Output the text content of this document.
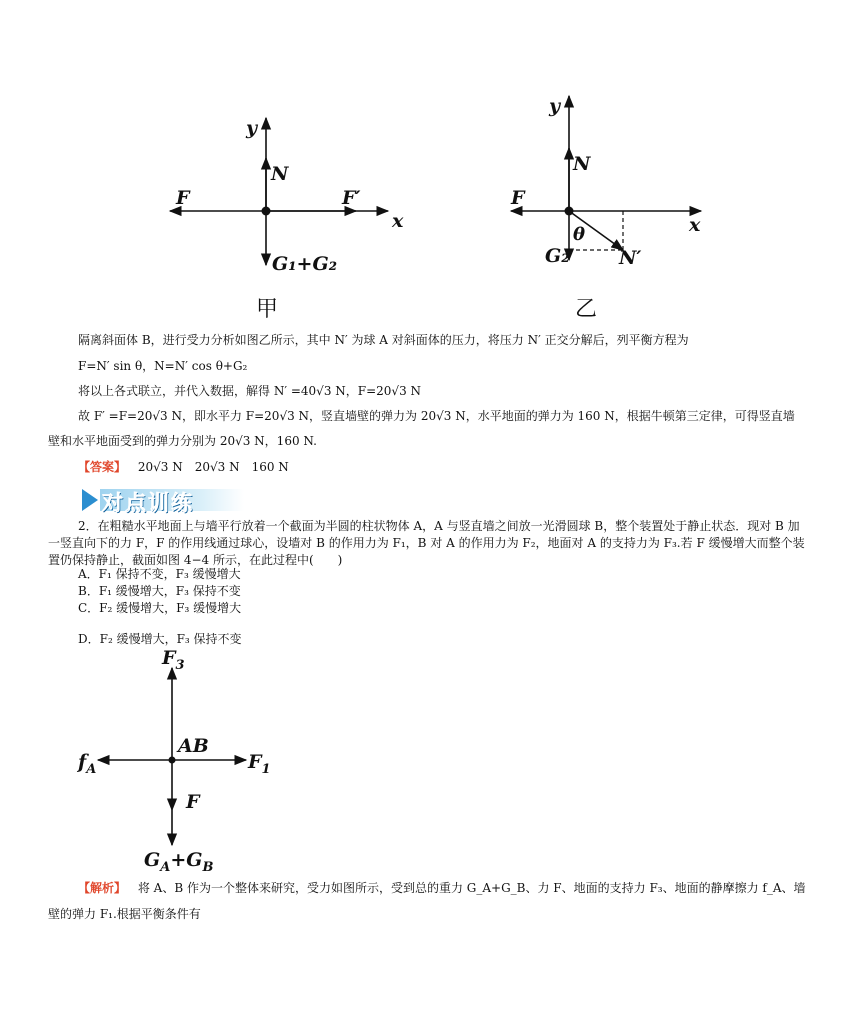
y
x
N
F	F′
G₁+G₂
甲
y
x
N
F
θ
G₂	N′
乙
隔离斜面体 B，进行受力分析如图乙所示，其中 N′ 为球 A 对斜面体的压力，将压力 N′ 正交分解后，列平衡方程为
F=N′ sin θ，N=N′ cos θ+G₂
将以上各式联立，并代入数据，解得 N′ =40√3 N，F=20√3 N
故 F′ =F=20√3 N，即水平力 F=20√3 N，竖直墙壁的弹力为 20√3 N，水平地面的弹力为 160 N，根据牛顿第三定律，可得竖直墙
壁和水平地面受到的弹力分别为 20√3 N，160 N.
【答案】 20√3 N　20√3 N　160 N
对点训练
2．在粗糙水平地面上与墙平行放着一个截面为半圆的柱状物体 A，A 与竖直墙之间放一光滑圆球 B，整个装置处于静止状态．现对 B 加一竖直向下的力 F，F 的作用线通过球心，设墙对 B 的作用力为 F₁，B 对 A 的作用力为 F₂，地面对 A 的支持力为 F₃.若 F 缓慢增大而整个装置仍保持静止，截面如图 4−4 所示，在此过程中(　　)
A．F₁ 保持不变，F₃ 缓慢增大
B．F₁ 缓慢增大，F₃ 保持不变
C．F₂ 缓慢增大，F₃ 缓慢增大
D．F₂ 缓慢增大，F₃ 保持不变
$F_3$
$f_A$
AB
$F_1$
F
$G_A+G_B$
【解析】 将 A、B 作为一个整体来研究，受力如图所示，受到总的重力 G_A+G_B、力 F、地面的支持力 F₃、地面的静摩擦力 f_A、墙
壁的弹力 F₁.根据平衡条件有
